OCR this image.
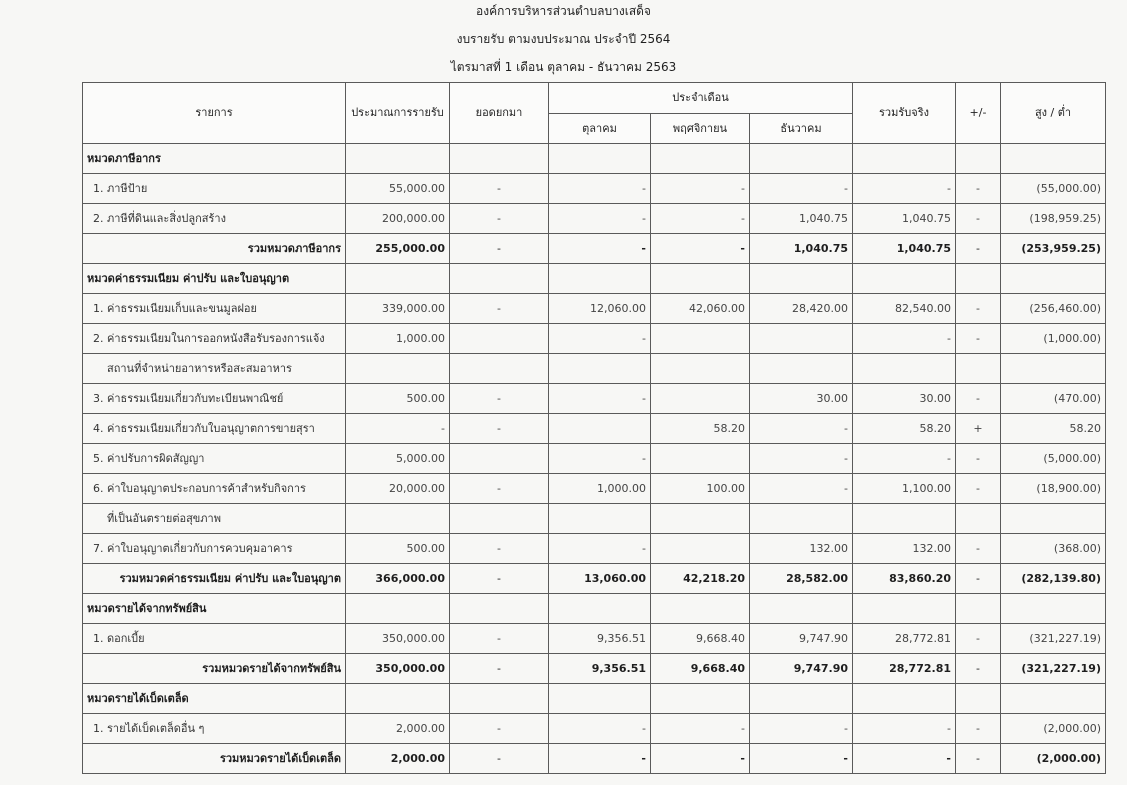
องค์การบริหารส่วนตำบลบางเสด็จ
งบรายรับ ตามงบประมาณ ประจำปี 2564
ไตรมาสที่ 1 เดือน ตุลาคม - ธันวาคม 2563
รายการ	ประมาณการรายรับ	ยอดยกมา	ประจำเดือน			รวมรับจริง	+/-	สูง / ต่ำ
			ตุลาคม	พฤศจิกายน	ธันวาคม			
หมวดภาษีอากร								
1. ภาษีป้าย	55,000.00	-	-	-	-	-	-	(55,000.00)
2. ภาษีที่ดินและสิ่งปลูกสร้าง	200,000.00	-	-	-	1,040.75	1,040.75	-	(198,959.25)
รวมหมวดภาษีอากร	255,000.00	-	-	-	1,040.75	1,040.75	-	(253,959.25)
หมวดค่าธรรมเนียม ค่าปรับ และใบอนุญาต								
1. ค่าธรรมเนียมเก็บและขนมูลฝอย	339,000.00	-	12,060.00	42,060.00	28,420.00	82,540.00	-	(256,460.00)
2. ค่าธรรมเนียมในการออกหนังสือรับรองการแจ้ง	1,000.00		-			-	-	(1,000.00)
สถานที่จำหน่ายอาหารหรือสะสมอาหาร								
3. ค่าธรรมเนียมเกี่ยวกับทะเบียนพาณิชย์	500.00	-	-		30.00	30.00	-	(470.00)
4. ค่าธรรมเนียมเกี่ยวกับใบอนุญาตการขายสุรา	-	-		58.20	-	58.20	+	58.20
5. ค่าปรับการผิดสัญญา	5,000.00		-		-	-	-	(5,000.00)
6. ค่าใบอนุญาตประกอบการค้าสำหรับกิจการ	20,000.00	-	1,000.00	100.00	-	1,100.00	-	(18,900.00)
ที่เป็นอันตรายต่อสุขภาพ								
7. ค่าใบอนุญาตเกี่ยวกับการควบคุมอาคาร	500.00	-	-		132.00	132.00	-	(368.00)
รวมหมวดค่าธรรมเนียม ค่าปรับ และใบอนุญาต	366,000.00	-	13,060.00	42,218.20	28,582.00	83,860.20	-	(282,139.80)
หมวดรายได้จากทรัพย์สิน								
1. ดอกเบี้ย	350,000.00	-	9,356.51	9,668.40	9,747.90	28,772.81	-	(321,227.19)
รวมหมวดรายได้จากทรัพย์สิน	350,000.00	-	9,356.51	9,668.40	9,747.90	28,772.81	-	(321,227.19)
หมวดรายได้เบ็ดเตล็ด								
1. รายได้เบ็ดเตล็ดอื่น ๆ	2,000.00	-	-	-	-	-	-	(2,000.00)
รวมหมวดรายได้เบ็ดเตล็ด	2,000.00	-	-	-	-	-	-	(2,000.00)
